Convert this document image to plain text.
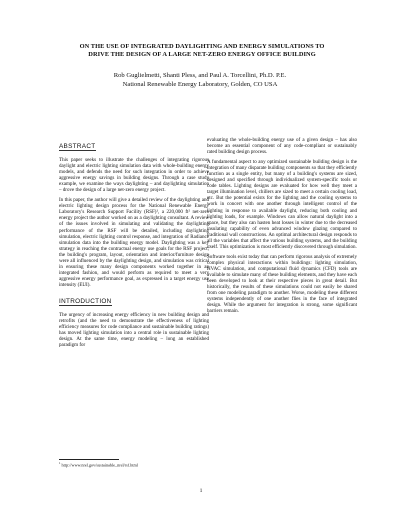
ON THE USE OF INTEGRATED DAYLIGHTING AND ENERGY SIMULATIONS TO
DRIVE THE DESIGN OF A LARGE NET-ZERO ENERGY OFFICE BUILDING
Rob Guglielmetti, Shanti Pless, and Paul A. Torcellini, Ph.D. P.E.
National Renewable Energy Laboratory, Golden, CO USA
ABSTRACT

This paper seeks to illustrate the challenges of integrating rigorous daylight and electric lighting simulation data with whole-building energy models, and defends the need for such integration in order to achieve aggressive energy savings in building designs. Through a case study example, we examine the ways daylighting – and daylighting simulation – drove the design of a large net-zero energy project.

In this paper, the author will give a detailed review of the daylighting and electric lighting design process for the National Renewable Energy Laboratory's Research Support Facility (RSF)¹, a 220,000 ft² net-zero energy project the author worked on as a daylighting consultant. A review of the issues involved in simulating and validating the daylighting performance of the RSF will be detailed, including daylighting simulation, electric lighting control response, and integration of Radiance simulation data into the building energy model. Daylighting was a key strategy in reaching the contractual energy use goals for the RSF project; the building's program, layout, orientation and interior/furniture design were all influenced by the daylighting design, and simulation was critical in ensuring these many design components worked together in an integrated fashion, and would perform as required to meet a very aggressive energy performance goal, as expressed in a target energy use intensity (EUI).

INTRODUCTION

The urgency of increasing energy efficiency in new building design and retrofits (and the need to demonstrate the effectiveness of lighting efficiency measures for code compliance and sustainable building ratings) has moved lighting simulation into a central role in sustainable lighting design. At the same time, energy modeling – long an established paradigm for

evaluating the whole-building energy use of a given design – has also become an essential component of any code-compliant or sustainably rated building design process.

A fundamental aspect to any optimized sustainable building design is the integration of many disparate building components so that they efficiently function as a single entity, but many of a building's systems are sized, designed and specified through individualized system-specific tools or code tables. Lighting designs are evaluated for how well they meet a target illumination level, chillers are sized to meet a certain cooling load, etc. But the potential exists for the lighting and the cooling systems to work in concert with one another through intelligent control of the lighting in response to available daylight, reducing both cooling and lighting loads, for example. Windows can allow natural daylight into a space, but they also can hasten heat losses in winter due to the decreased insulating capability of even advanced window glazing compared to traditional wall constructions. An optimal architectural design responds to all the variables that affect the various building systems, and the building itself. This optimization is most efficiently discovered through simulation.

Software tools exist today that can perform rigorous analysis of extremely complex physical interactions within buildings: lighting simulation, HVAC simulation, and computational fluid dynamics (CFD) tools are available to simulate many of these building elements, and they have each been developed to look at their respective pieces in great detail. But historically, the results of these simulations could not easily be shared from one modeling paradigm to another. Worse, modeling these different systems independently of one another flies in the face of integrated design. While the argument for integration is strong, some significant barriers remain.

$^1$ http://www.nrel.gov/sustainable_nrel/rsf.html
1
